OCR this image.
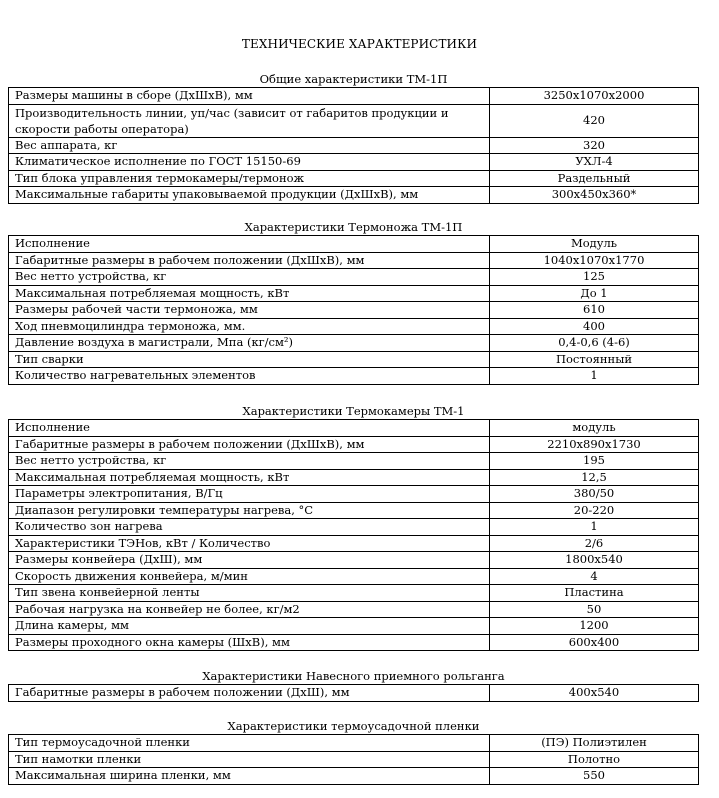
ТЕХНИЧЕСКИЕ ХАРАКТЕРИСТИКИ
Общие характеристики ТМ-1П
Размеры машины в сборе (ДхШхВ), мм	3250x1070x2000
Производительность линии, уп/час (зависит от габаритов продукции и скорости работы оператора)	420
Вес аппарата, кг	320
Климатическое исполнение по ГОСТ 15150-69	УХЛ-4
Тип блока управления термокамеры/термонож	Раздельный
Максимальные габариты упаковываемой продукции (ДхШхВ), мм	300x450x360*
Характеристики Термоножа ТМ-1П
Исполнение	Модуль
Габаритные размеры в рабочем положении (ДхШхВ), мм	1040x1070x1770
Вес нетто устройства, кг	125
Максимальная потребляемая мощность, кВт	До 1
Размеры рабочей части термоножа, мм	610
Ход пневмоцилиндра термоножа, мм.	400
Давление воздуха в магистрали, Мпа (кг/см²)	0,4-0,6 (4-6)
Тип сварки	Постоянный
Количество нагревательных элементов	1
Характеристики Термокамеры ТМ-1
Исполнение	модуль
Габаритные размеры в рабочем положении (ДхШхВ), мм	2210x890x1730
Вес нетто устройства, кг	195
Максимальная потребляемая мощность, кВт	12,5
Параметры электропитания, В/Гц	380/50
Диапазон регулировки температуры нагрева, °С	20-220
Количество зон нагрева	1
Характеристики ТЭНов, кВт / Количество	2/6
Размеры конвейера (ДхШ), мм	1800x540
Скорость движения конвейера, м/мин	4
Тип звена конвейерной ленты	Пластина
Рабочая нагрузка на конвейер не более, кг/м2	50
Длина камеры, мм	1200
Размеры проходного окна камеры (ШхВ), мм	600x400
Характеристики Навесного приемного рольганга
Габаритные размеры в рабочем положении (ДхШ), мм	400x540
Характеристики термоусадочной пленки
Тип термоусадочной пленки	(ПЭ) Полиэтилен
Тип намотки пленки	Полотно
Максимальная ширина пленки, мм	550
